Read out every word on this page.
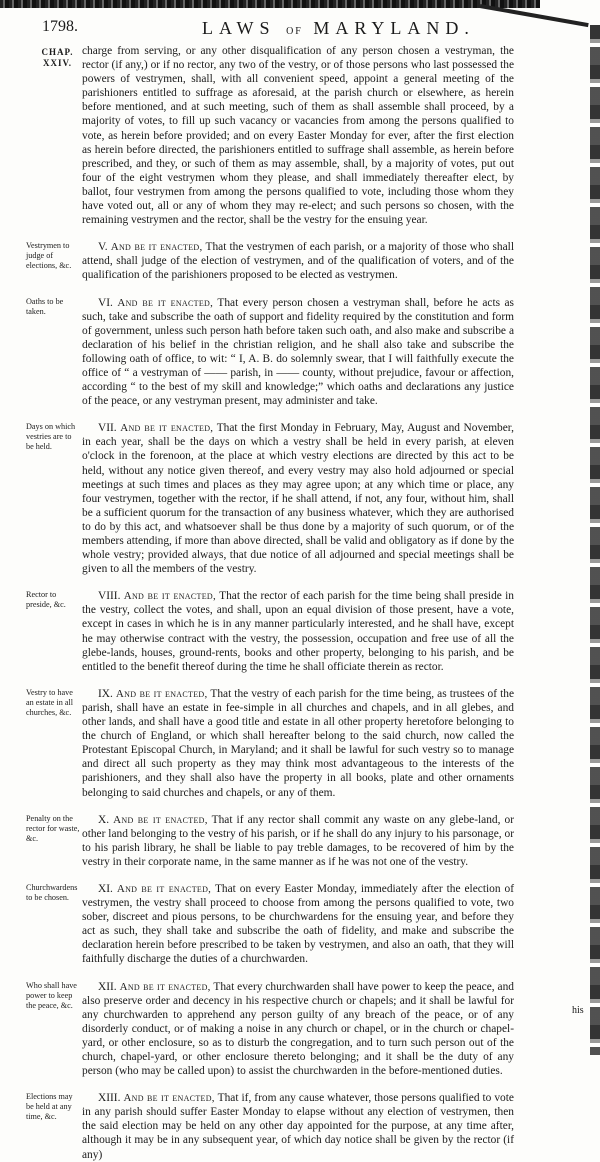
1798.	LAWS OF MARYLAND.
CHAP.
XXIV.

charge from serving, or any other disqualification of any person chosen a vestryman, the rector (if any,) or if no rector, any two of the vestry, or of those persons who last possessed the powers of vestrymen, shall, with all convenient speed, appoint a general meeting of the parishioners entitled to suffrage as aforesaid, at the parish church or elsewhere, as herein before mentioned, and at such meeting, such of them as shall assemble shall proceed, by a majority of votes, to fill up such vacancy or vacancies from among the persons qualified to vote, as herein before provided; and on every Easter Monday for ever, after the first election as herein before directed, the parishioners entitled to suffrage shall assemble, as herein before prescribed, and they, or such of them as may assemble, shall, by a majority of votes, put out four of the eight vestrymen whom they please, and shall immediately thereafter elect, by ballot, four vestrymen from among the persons qualified to vote, including those whom they have voted out, all or any of whom they may re-elect; and such persons so chosen, with the remaining vestrymen and the rector, shall be the vestry for the ensuing year.

Vestrymen to judge of elections, &c.

V. And be it enacted, That the vestrymen of each parish, or a majority of those who shall attend, shall judge of the election of vestrymen, and of the qualification of voters, and of the qualification of the parishioners proposed to be elected as vestrymen.

Oaths to be taken.

VI. And be it enacted, That every person chosen a vestryman shall, before he acts as such, take and subscribe the oath of support and fidelity required by the constitution and form of government, unless such person hath before taken such oath, and also make and subscribe a declaration of his belief in the christian religion, and he shall also take and subscribe the following oath of office, to wit: “ I, A. B. do solemnly swear, that I will faithfully execute the office of “ a vestryman of —— parish, in —— county, without prejudice, favour or affection, according “ to the best of my skill and knowledge;” which oaths and declarations any justice of the peace, or any vestryman present, may administer and take.

Days on which vestries are to be held.

VII. And be it enacted, That the first Monday in February, May, August and November, in each year, shall be the days on which a vestry shall be held in every parish, at eleven o'clock in the forenoon, at the place at which vestry elections are directed by this act to be held, without any notice given thereof, and every vestry may also hold adjourned or special meetings at such times and places as they may agree upon; at any which time or place, any four vestrymen, together with the rector, if he shall attend, if not, any four, without him, shall be a sufficient quorum for the transaction of any business whatever, which they are authorised to do by this act, and whatsoever shall be thus done by a majority of such quorum, or of the members attending, if more than above directed, shall be valid and obligatory as if done by the whole vestry; provided always, that due notice of all adjourned and special meetings shall be given to all the members of the vestry.

Rector to preside, &c.

VIII. And be it enacted, That the rector of each parish for the time being shall preside in the vestry, collect the votes, and shall, upon an equal division of those present, have a vote, except in cases in which he is in any manner particularly interested, and he shall have, except he may otherwise contract with the vestry, the possession, occupation and free use of all the glebe-lands, houses, ground-rents, books and other property, belonging to his parish, and be entitled to the benefit thereof during the time he shall officiate therein as rector.

Vestry to have an estate in all churches, &c.

IX. And be it enacted, That the vestry of each parish for the time being, as trustees of the parish, shall have an estate in fee-simple in all churches and chapels, and in all glebes, and other lands, and shall have a good title and estate in all other property heretofore belonging to the church of England, or which shall hereafter belong to the said church, now called the Protestant Episcopal Church, in Maryland; and it shall be lawful for such vestry so to manage and direct all such property as they may think most advantageous to the interests of the parishioners, and they shall also have the property in all books, plate and other ornaments belonging to said churches and chapels, or any of them.

Penalty on the rector for waste, &c.

X. And be it enacted, That if any rector shall commit any waste on any glebe-land, or other land belonging to the vestry of his parish, or if he shall do any injury to his parsonage, or to his parish library, he shall be liable to pay treble damages, to be recovered of him by the vestry in their corporate name, in the same manner as if he was not one of the vestry.

Churchwardens to be chosen.

XI. And be it enacted, That on every Easter Monday, immediately after the election of vestrymen, the vestry shall proceed to choose from among the persons qualified to vote, two sober, discreet and pious persons, to be churchwardens for the ensuing year, and before they act as such, they shall take and subscribe the oath of fidelity, and make and subscribe the declaration herein before prescribed to be taken by vestrymen, and also an oath, that they will faithfully discharge the duties of a churchwarden.

Who shall have power to keep the peace, &c.

XII. And be it enacted, That every churchwarden shall have power to keep the peace, and also preserve order and decency in his respective church or chapels; and it shall be lawful for any churchwarden to apprehend any person guilty of any breach of the peace, or of any disorderly conduct, or of making a noise in any church or chapel, or in the church or chapel-yard, or other enclosure, so as to disturb the congregation, and to turn such person out of the church, chapel-yard, or other enclosure thereto belonging; and it shall be the duty of any person (who may be called upon) to assist the churchwarden in the before-mentioned duties.

Elections may be held at any time, &c.

XIII. And be it enacted, That if, from any cause whatever, those persons qualified to vote in any parish should suffer Easter Monday to elapse without any election of vestrymen, then the said election may be held on any other day appointed for the purpose, at any time after, although it may be in any subsequent year, of which day notice shall be given by the rector (if any)

his
